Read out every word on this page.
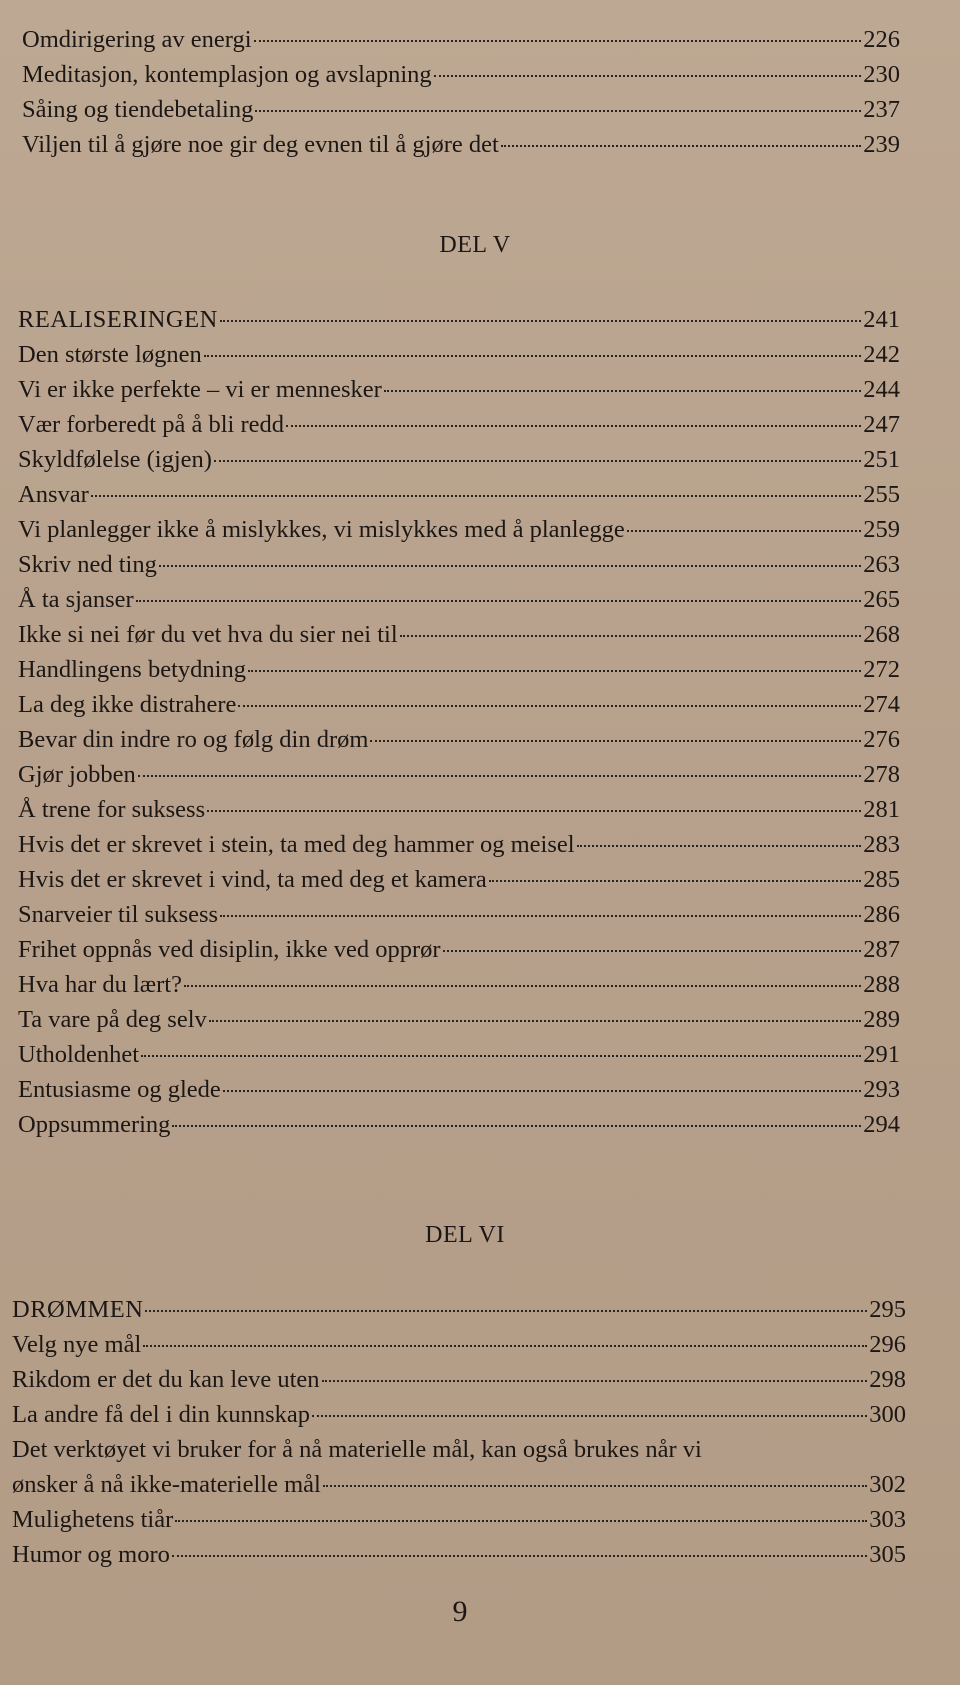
Omdirigering av energi	226
Meditasjon, kontemplasjon og avslapning	230
Såing og tiendebetaling	237
Viljen til å gjøre noe gir deg evnen til å gjøre det	239
DEL V
REALISERINGEN	241
Den største løgnen	242
Vi er ikke perfekte – vi er mennesker	244
Vær forberedt på å bli redd	247
Skyldfølelse (igjen)	251
Ansvar	255
Vi planlegger ikke å mislykkes, vi mislykkes med å planlegge	259
Skriv ned ting	263
Å ta sjanser	265
Ikke si nei før du vet hva du sier nei til	268
Handlingens betydning	272
La deg ikke distrahere	274
Bevar din indre ro og følg din drøm	276
Gjør jobben	278
Å trene for suksess	281
Hvis det er skrevet i stein, ta med deg hammer og meisel	283
Hvis det er skrevet i vind, ta med deg et kamera	285
Snarveier til suksess	286
Frihet oppnås ved disiplin, ikke ved opprør	287
Hva har du lært?	288
Ta vare på deg selv	289
Utholdenhet	291
Entusiasme og glede	293
Oppsummering	294
DEL VI
DRØMMEN	295
Velg nye mål	296
Rikdom er det du kan leve uten	298
La andre få del i din kunnskap	300
Det verktøyet vi bruker for å nå materielle mål, kan også brukes når vi
ønsker å nå ikke-materielle mål	302
Mulighetens tiår	303
Humor og moro	305
9
